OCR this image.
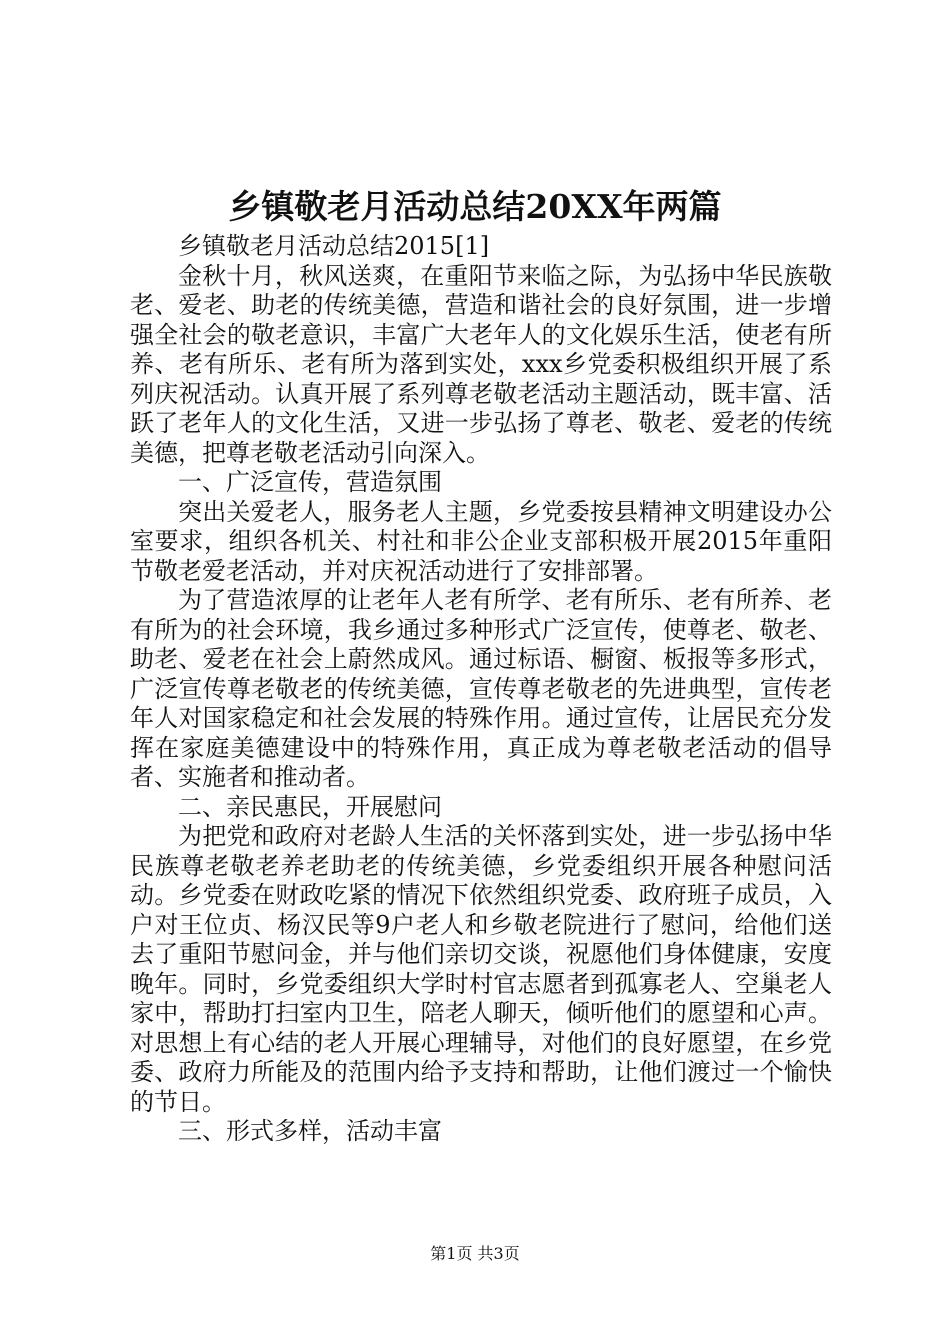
乡镇敬老月活动总结20XX年两篇

乡镇敬老月活动总结2015[1]

金秋十月，秋风送爽，在重阳节来临之际，为弘扬中华民族敬老、爱老、助老的传统美德，营造和谐社会的良好氛围，进一步增强全社会的敬老意识，丰富广大老年人的文化娱乐生活，使老有所养、老有所乐、老有所为落到实处，xxx乡党委积极组织开展了系列庆祝活动。认真开展了系列尊老敬老活动主题活动，既丰富、活跃了老年人的文化生活，又进一步弘扬了尊老、敬老、爱老的传统美德，把尊老敬老活动引向深入。

一、广泛宣传，营造氛围

突出关爱老人，服务老人主题，乡党委按县精神文明建设办公室要求，组织各机关、村社和非公企业支部积极开展2015年重阳节敬老爱老活动，并对庆祝活动进行了安排部署。

为了营造浓厚的让老年人老有所学、老有所乐、老有所养、老有所为的社会环境，我乡通过多种形式广泛宣传，使尊老、敬老、助老、爱老在社会上蔚然成风。通过标语、橱窗、板报等多形式，广泛宣传尊老敬老的传统美德，宣传尊老敬老的先进典型，宣传老年人对国家稳定和社会发展的特殊作用。通过宣传，让居民充分发挥在家庭美德建设中的特殊作用，真正成为尊老敬老活动的倡导者、实施者和推动者。

二、亲民惠民，开展慰问

为把党和政府对老龄人生活的关怀落到实处，进一步弘扬中华民族尊老敬老养老助老的传统美德，乡党委组织开展各种慰问活动。乡党委在财政吃紧的情况下依然组织党委、政府班子成员，入户对王位贞、杨汉民等9户老人和乡敬老院进行了慰问，给他们送去了重阳节慰问金，并与他们亲切交谈，祝愿他们身体健康，安度晚年。同时，乡党委组织大学时村官志愿者到孤寡老人、空巢老人家中，帮助打扫室内卫生，陪老人聊天，倾听他们的愿望和心声。对思想上有心结的老人开展心理辅导，对他们的良好愿望，在乡党委、政府力所能及的范围内给予支持和帮助，让他们渡过一个愉快的节日。

三、形式多样，活动丰富

第1页 共3页
